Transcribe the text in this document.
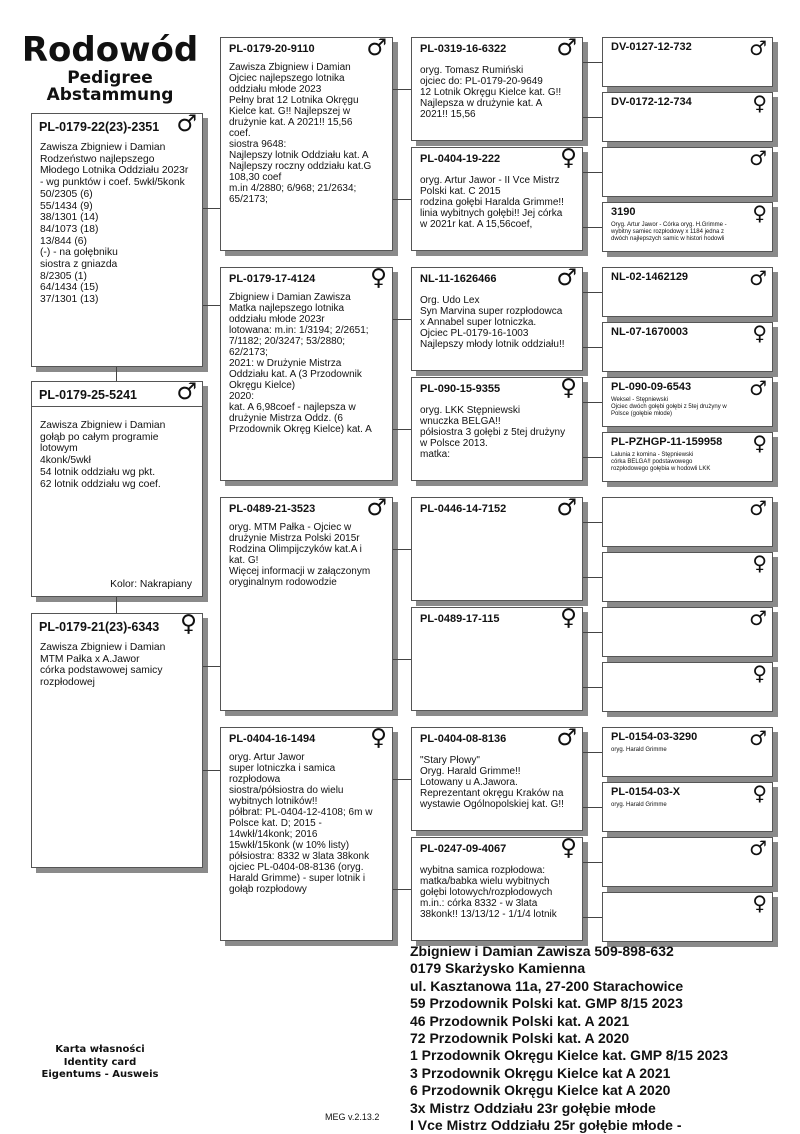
Rodowód
Pedigree
Abstammung
PL-0179-22(23)-2351 ♂
Zawisza Zbigniew i Damian
Rodzeństwo najlepszego
Młodego Lotnika Oddziału 2023r
- wg punktów i coef. 5wkł/5konk
50/2305 (6)
55/1434 (9)
38/1301 (14)
84/1073 (18)
13/844 (6)
(-) - na gołębniku
siostra z gniazda
8/2305 (1)
64/1434 (15)
37/1301 (13)
PL-0179-25-5241	♂
Zawisza Zbigniew i Damian
gołąb po całym programie
lotowym
4konk/5wkł
54 lotnik oddziału wg pkt.
62 lotnik oddziału wg coef.
Kolor: Nakrapiany
PL-0179-21(23)-6343 ♀
Zawisza Zbigniew i Damian
MTM Pałka x A.Jawor
córka podstawowej samicy
rozpłodowej
PL-0179-20-9110	♂
Zawisza Zbigniew i Damian
Ojciec najlepszego lotnika
oddziału młode 2023
Pełny brat 12 Lotnika Okręgu
Kielce kat. G!! Najlepszej w
drużynie kat. A 2021!! 15,56
coef.
siostra 9648:
Najlepszy lotnik Oddziału kat. A
Najlepszy roczny oddziału kat.G
108,30 coef
m.in 4/2880; 6/968; 21/2634;
65/2173;
PL-0179-17-4124	♀
Zbigniew i Damian Zawisza
Matka najlepszego lotnika
oddziału młode 2023r
lotowana: m.in: 1/3194; 2/2651;
7/1182; 20/3247; 53/2880;
62/2173;
2021: w Drużynie Mistrza
Oddziału kat. A (3 Przodownik
Okręgu Kielce)
2020:
kat. A 6,98coef - najlepsza w
drużynie Mistrza Oddz. (6
Przodownik Okręg Kielce) kat. A
PL-0489-21-3523	♂
oryg. MTM Pałka - Ojciec w
drużynie Mistrza Polski 2015r
Rodzina Olimpijczyków kat.A i
kat. G!
Więcej informacji w załączonym
oryginalnym rodowodzie
PL-0404-16-1494	♀
oryg. Artur Jawor
super lotniczka i samica
rozpłodowa
siostra/półsiostra do wielu
wybitnych lotników!!
półbrat: PL-0404-12-4108; 6m w
Polsce kat. D; 2015 -
14wkł/14konk; 2016
15wkł/15konk (w 10% listy)
półsiostra: 8332 w 3lata 38konk
ojciec PL-0404-08-8136 (oryg.
Harald Grimme) - super lotnik i
gołąb rozpłodowy
PL-0319-16-6322	♂
oryg. Tomasz Rumiński
ojciec do: PL-0179-20-9649
12 Lotnik Okręgu Kielce kat. G!!
Najlepsza w drużynie kat. A
2021!! 15,56
PL-0404-19-222	♀
oryg. Artur Jawor - II Vce Mistrz
Polski kat. C 2015
rodzina gołębi Haralda Grimme!!
linia wybitnych gołębi!! Jej córka
w 2021r kat. A 15,56coef,
NL-11-1626466	♂
Org. Udo Lex
Syn Marvina super rozpłodowca
x Annabel super lotniczka.
Ojciec PL-0179-16-1003
Najlepszy młody lotnik oddziału!!
PL-090-15-9355	♀
oryg. LKK Stępniewski
wnuczka BELGA!!
półsiostra 3 gołębi z 5tej drużyny
w Polsce 2013.
matka:
PL-0446-14-7152	♂
PL-0489-17-115	♀
PL-0404-08-8136	♂
"Stary Płowy"
Oryg. Harald Grimme!!
Lotowany u A.Jawora.
Reprezentant okręgu Kraków na
wystawie Ogólnopolskiej kat. G!!
PL-0247-09-4067	♀
wybitna samica rozpłodowa:
matka/babka wielu wybitnych
gołębi lotowych/rozpłodowych
m.in.: córka 8332 - w 3lata
38konk!! 13/13/12 - 1/1/4 lotnik
DV-0127-12-732	♂
DV-0172-12-734	♀
♂
3190	♀
Oryg. Artur Jawor - Córka oryg. H.Grimme -
wybitny samiec rozpłodowy x 1184 jedna z
dwóch najlepszych samic w histori hodowli
NL-02-1462129	♂
NL-07-1670003	♀
PL-090-09-6543	♂
Weksel - Stępniewski
Ojciec dwóch gołębi gołębi z 5tej drużyny w
Polsce (gołębie młode)
PL-PZHGP-11-159958	♀
Lalunia z komina - Stępniewski
córka BELGA!! podstawowego
rozpłodowego gołębia w hodowli LKK
♂
♀
♂
♀
PL-0154-03-3290	♂
oryg. Harald Grimme
PL-0154-03-X	♀
oryg. Harald Grimme
♂
♀
Zbigniew i Damian Zawisza 509-898-632
0179 Skarżysko Kamienna
ul. Kasztanowa 11a, 27-200 Starachowice
59 Przodownik Polski kat. GMP 8/15 2023
46 Przodownik Polski kat. A 2021
72 Przodownik Polski kat. A 2020
1 Przodownik Okręgu Kielce kat. GMP 8/15 2023
3 Przodownik Okręgu Kielce kat A 2021
6 Przodownik Okręgu Kielce kat A 2020
3x Mistrz Oddziału 23r gołębie młode
I Vce Mistrz Oddziału 25r gołębie młode -
Karta własności
Identity card
Eigentums - Ausweis
MEG v.2.13.2
